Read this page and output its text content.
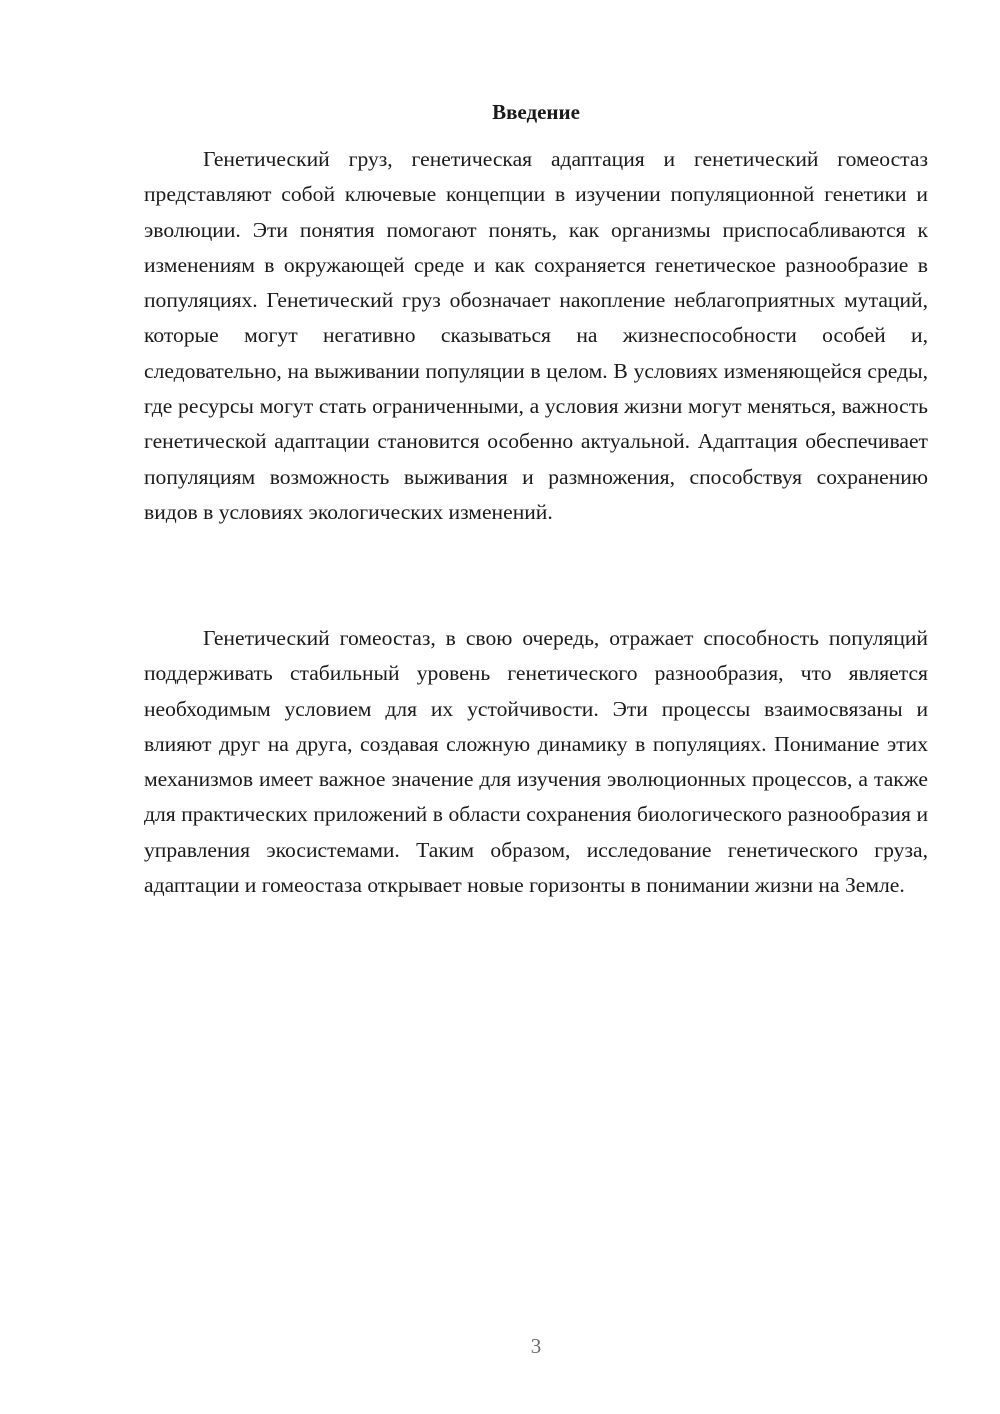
Введение

Генетический груз, генетическая адаптация и генетический гомеостаз представляют собой ключевые концепции в изучении популяционной генетики и эволюции. Эти понятия помогают понять, как организмы приспосабливаются к изменениям в окружающей среде и как сохраняется генетическое разнообразие в популяциях. Генетический груз обозначает накопление неблагоприятных мутаций, которые могут негативно сказываться на жизнеспособности особей и, следовательно, на выживании популяции в целом. В условиях изменяющейся среды, где ресурсы могут стать ограниченными, а условия жизни могут меняться, важность генетической адаптации становится особенно актуальной. Адаптация обеспечивает популяциям возможность выживания и размножения, способствуя сохранению видов в условиях экологических изменений.

Генетический гомеостаз, в свою очередь, отражает способность популяций поддерживать стабильный уровень генетического разнообразия, что является необходимым условием для их устойчивости. Эти процессы взаимосвязаны и влияют друг на друга, создавая сложную динамику в популяциях. Понимание этих механизмов имеет важное значение для изучения эволюционных процессов, а также для практических приложений в области сохранения биологического разнообразия и управления экосистемами. Таким образом, исследование генетического груза, адаптации и гомеостаза открывает новые горизонты в понимании жизни на Земле.

3
